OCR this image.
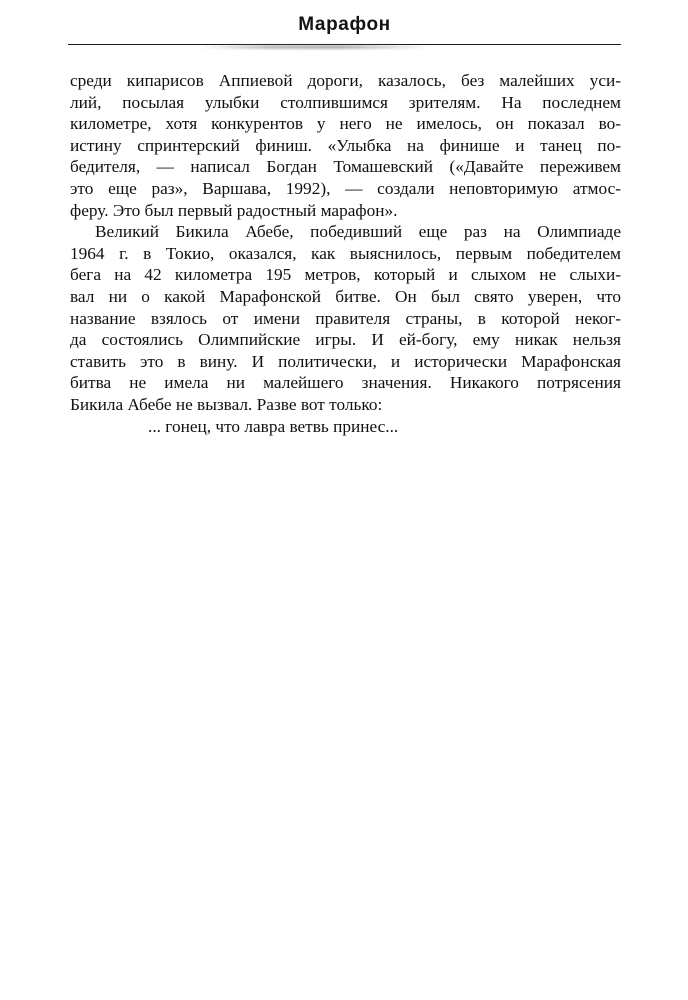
Марафон
среди кипарисов Аппиевой дороги, казалось, без малейших уси-
лий, посылая улыбки столпившимся зрителям. На последнем
километре, хотя конкурентов у него не имелось, он показал во-
истину спринтерский финиш. «Улыбка на финише и танец по-
бедителя, — написал Богдан Томашевский («Давайте переживем
это еще раз», Варшава, 1992), — создали неповторимую атмос-
феру. Это был первый радостный марафон».
Великий Бикила Абебе, победивший еще раз на Олимпиаде
1964 г. в Токио, оказался, как выяснилось, первым победителем
бега на 42 километра 195 метров, который и слыхом не слыхи-
вал ни о какой Марафонской битве. Он был свято уверен, что
название взялось от имени правителя страны, в которой неког-
да состоялись Олимпийские игры. И ей-богу, ему никак нельзя
ставить это в вину. И политически, и исторически Марафонская
битва не имела ни малейшего значения. Никакого потрясения
Бикила Абебе не вызвал. Разве вот только:
... гонец, что лавра ветвь принес...
